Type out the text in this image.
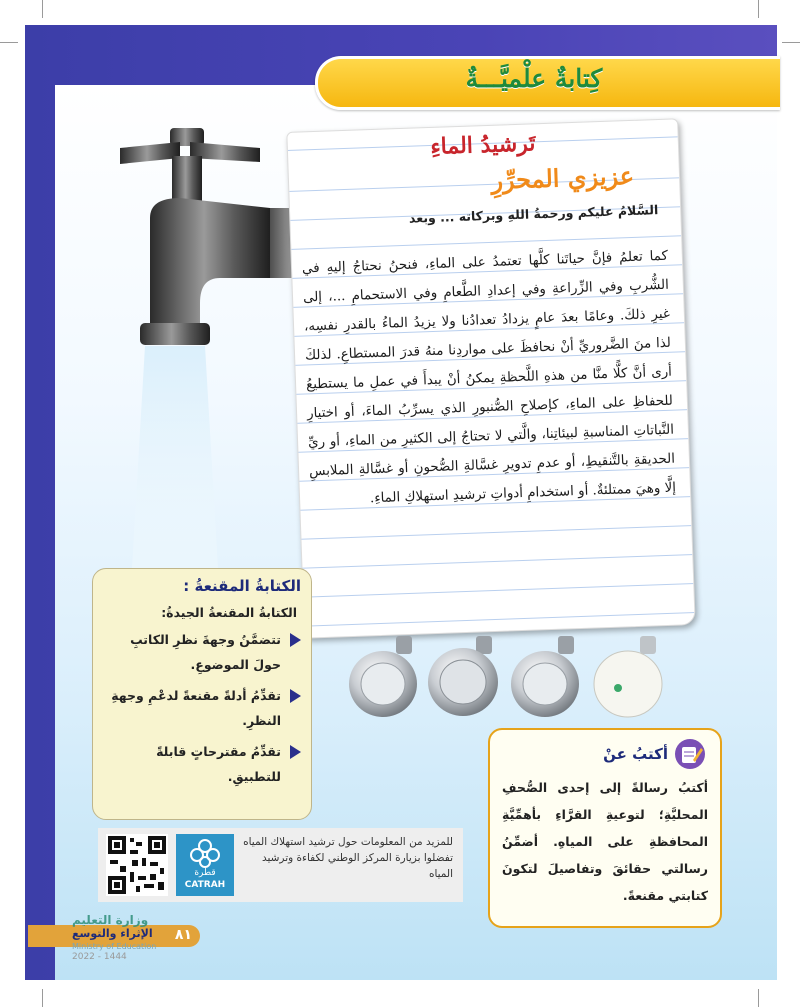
كِتابةٌ علْميَّـــةٌ
تَرشيدُ الماءِ
عزيزي المحرِّرِ
السَّلامُ عليكم ورحمةُ اللهِ وبركاته ... وبعد
كما تعلمُ فإنَّ حياتَنا كلَّها تعتمدُ على الماءِ، فنحنُ نحتاجُ إليهِ في الشُّربِ وفي الزِّراعةِ وفي إعدادِ الطَّعامِ وفي الاستحمامِ ...، إلى غيرِ ذلكَ. وعامًا بعدَ عامٍ يزدادُ تعدادُنا ولا يزيدُ الماءُ بالقدرِ نفسِه، لذا منَ الضَّروريِّ أنْ نحافظَ على مواردِنا منهُ قدرَ المستطاعِ. لذلكَ أرى أنَّ كلًّا منَّا من هذهِ اللَّحظةِ يمكنُ أنْ يبدأَ في عملِ ما يستطيعُ للحفاظِ على الماءِ، كإصلاحِ الصُّنبورِ الذي يسرِّبُ الماءَ، أو اختيارِ النَّباتاتِ المناسبةِ لبيئاتِنا، والَّتي لا تحتاجُ إلى الكثيرِ من الماءِ، أو ريِّ الحديقةِ بالتَّنقيطِ، أو عدمِ تدويرِ غسَّالةِ الصُّحونِ أو غسَّالةِ الملابسِ إلَّا وهيَ ممتلئةٌ. أو استخدامِ أدواتِ ترشيدِ استهلاكِ الماءِ.
الكتابةُ المقنعةُ :
الكتابةُ المقنعةُ الجيدةُ:
تتضمَّنُ وجهةَ نظرِ الكاتبِ حولَ الموضوعِ.
تقدِّمُ أدلةً مقنعةً لدعْمِ وجهةِ النظرِ.
تقدِّمُ مقترحاتٍ قابلةً للتطبيقِ.
أكتبُ عنْ
أكتبُ رسالةً إلى إحدى الصُّحفِ المحليَّةِ؛ لتوعيةِ القرَّاءِ بأهمِّيَّةِ المحافظةِ على المياهِ. أضمِّنُ رسالتي حقائقَ وتفاصيلَ لتكونَ كتابتي مقنعةً.
قطرة
CATRAH
للمزيد من المعلومات حول ترشيد استهلاك المياه تفضلوا بزيارة المركز الوطني لكفاءة وترشيد المياه
٨١
الإثراء والتوسع
وزارة التعليم
Ministry of Education
2022 - 1444
